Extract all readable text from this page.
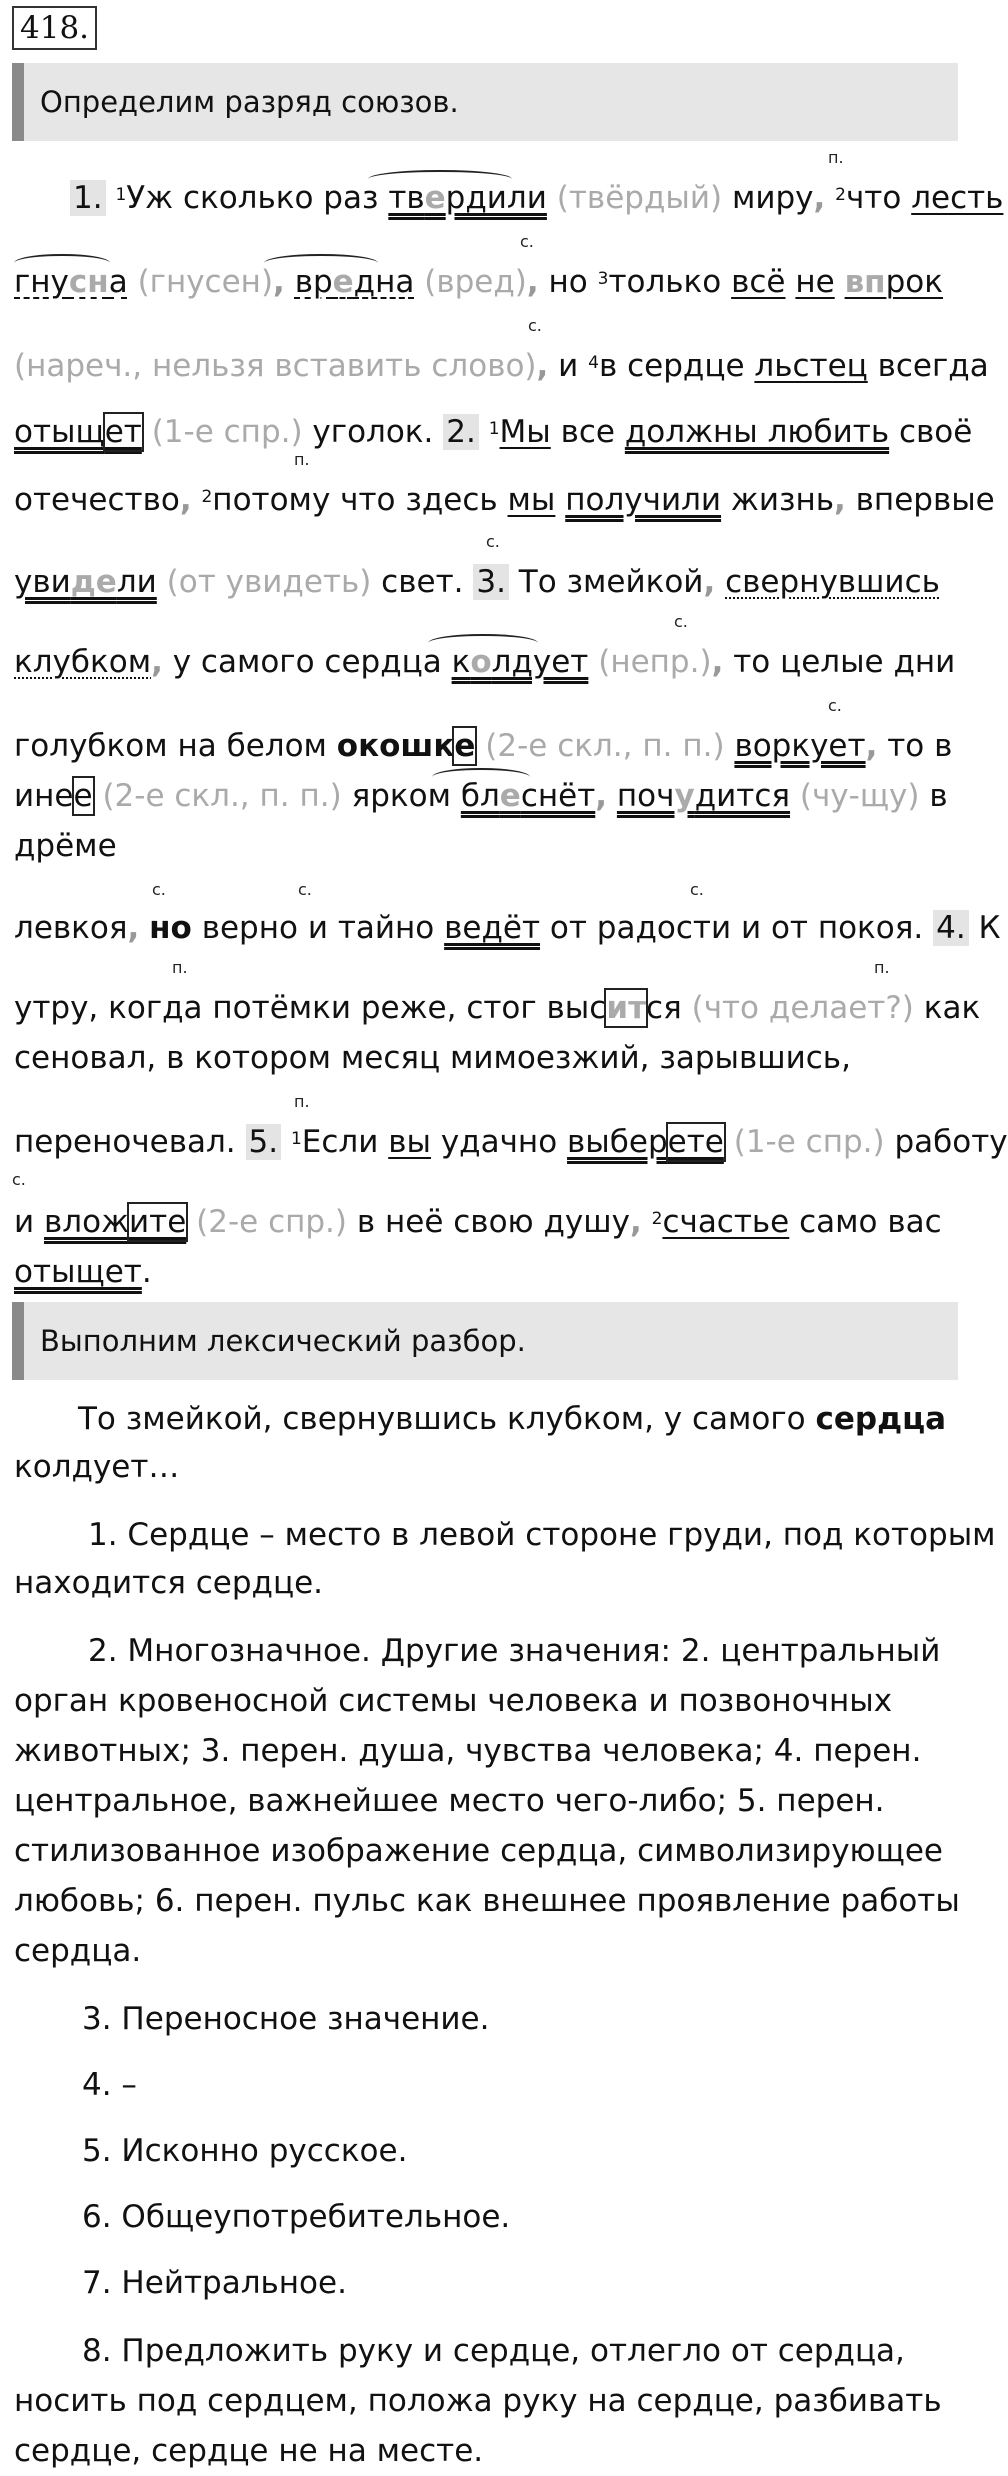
418.
Определим разряд союзов.
п.
1. $^1$Уж сколько раз твердили (твёрдый) миру, $^2$что лесть
с.
гнусна (гнусен), вредна (вред), но $^3$только всё не впрок
с.
(нареч., нельзя вставить слово), и $^4$в сердце льстец всегда
отыщет (1-е спр.) уголок. 2. $^1$Мы все должны любить своё
п.
отечество, $^2$потому что здесь мы получили жизнь, впервые
с.
увидели (от увидеть) свет. 3. То змейкой, свернувшись
с.
клубком, у самого сердца колдует (непр.), то целые дни
с.
голубком на белом окошке (2-е скл., п. п.) воркует, то в
инее (2-е скл., п. п.) ярком блеснёт, почудится (чу-щу) в
дрёме
с.	с.	с.
левкоя, но верно и тайно ведёт от радости и от покоя. 4. К
п.	п.
утру, когда потёмки реже, стог высится (что делает?) как
сеновал, в котором месяц мимоезжий, зарывшись,
п.
переночевал. 5. $^1$Если вы удачно выберете (1-е спр.) работу
с.
и вложите (2-е спр.) в неё свою душу, $^2$счастье само вас
отыщет.
Выполним лексический разбор.
То змейкой, свернувшись клубком, у самого сердца
колдует…
1. Сердце – место в левой стороне груди, под которым
находится сердце.
2. Многозначное. Другие значения: 2. центральный
орган кровеносной системы человека и позвоночных
животных; 3. перен. душа, чувства человека; 4. перен.
центральное, важнейшее место чего-либо; 5. перен.
стилизованное изображение сердца, символизирующее
любовь; 6. перен. пульс как внешнее проявление работы
сердца.
3. Переносное значение.
4. –
5. Исконно русское.
6. Общеупотребительное.
7. Нейтральное.
8. Предложить руку и сердце, отлегло от сердца,
носить под сердцем, положа руку на сердце, разбивать
сердце, сердце не на месте.
